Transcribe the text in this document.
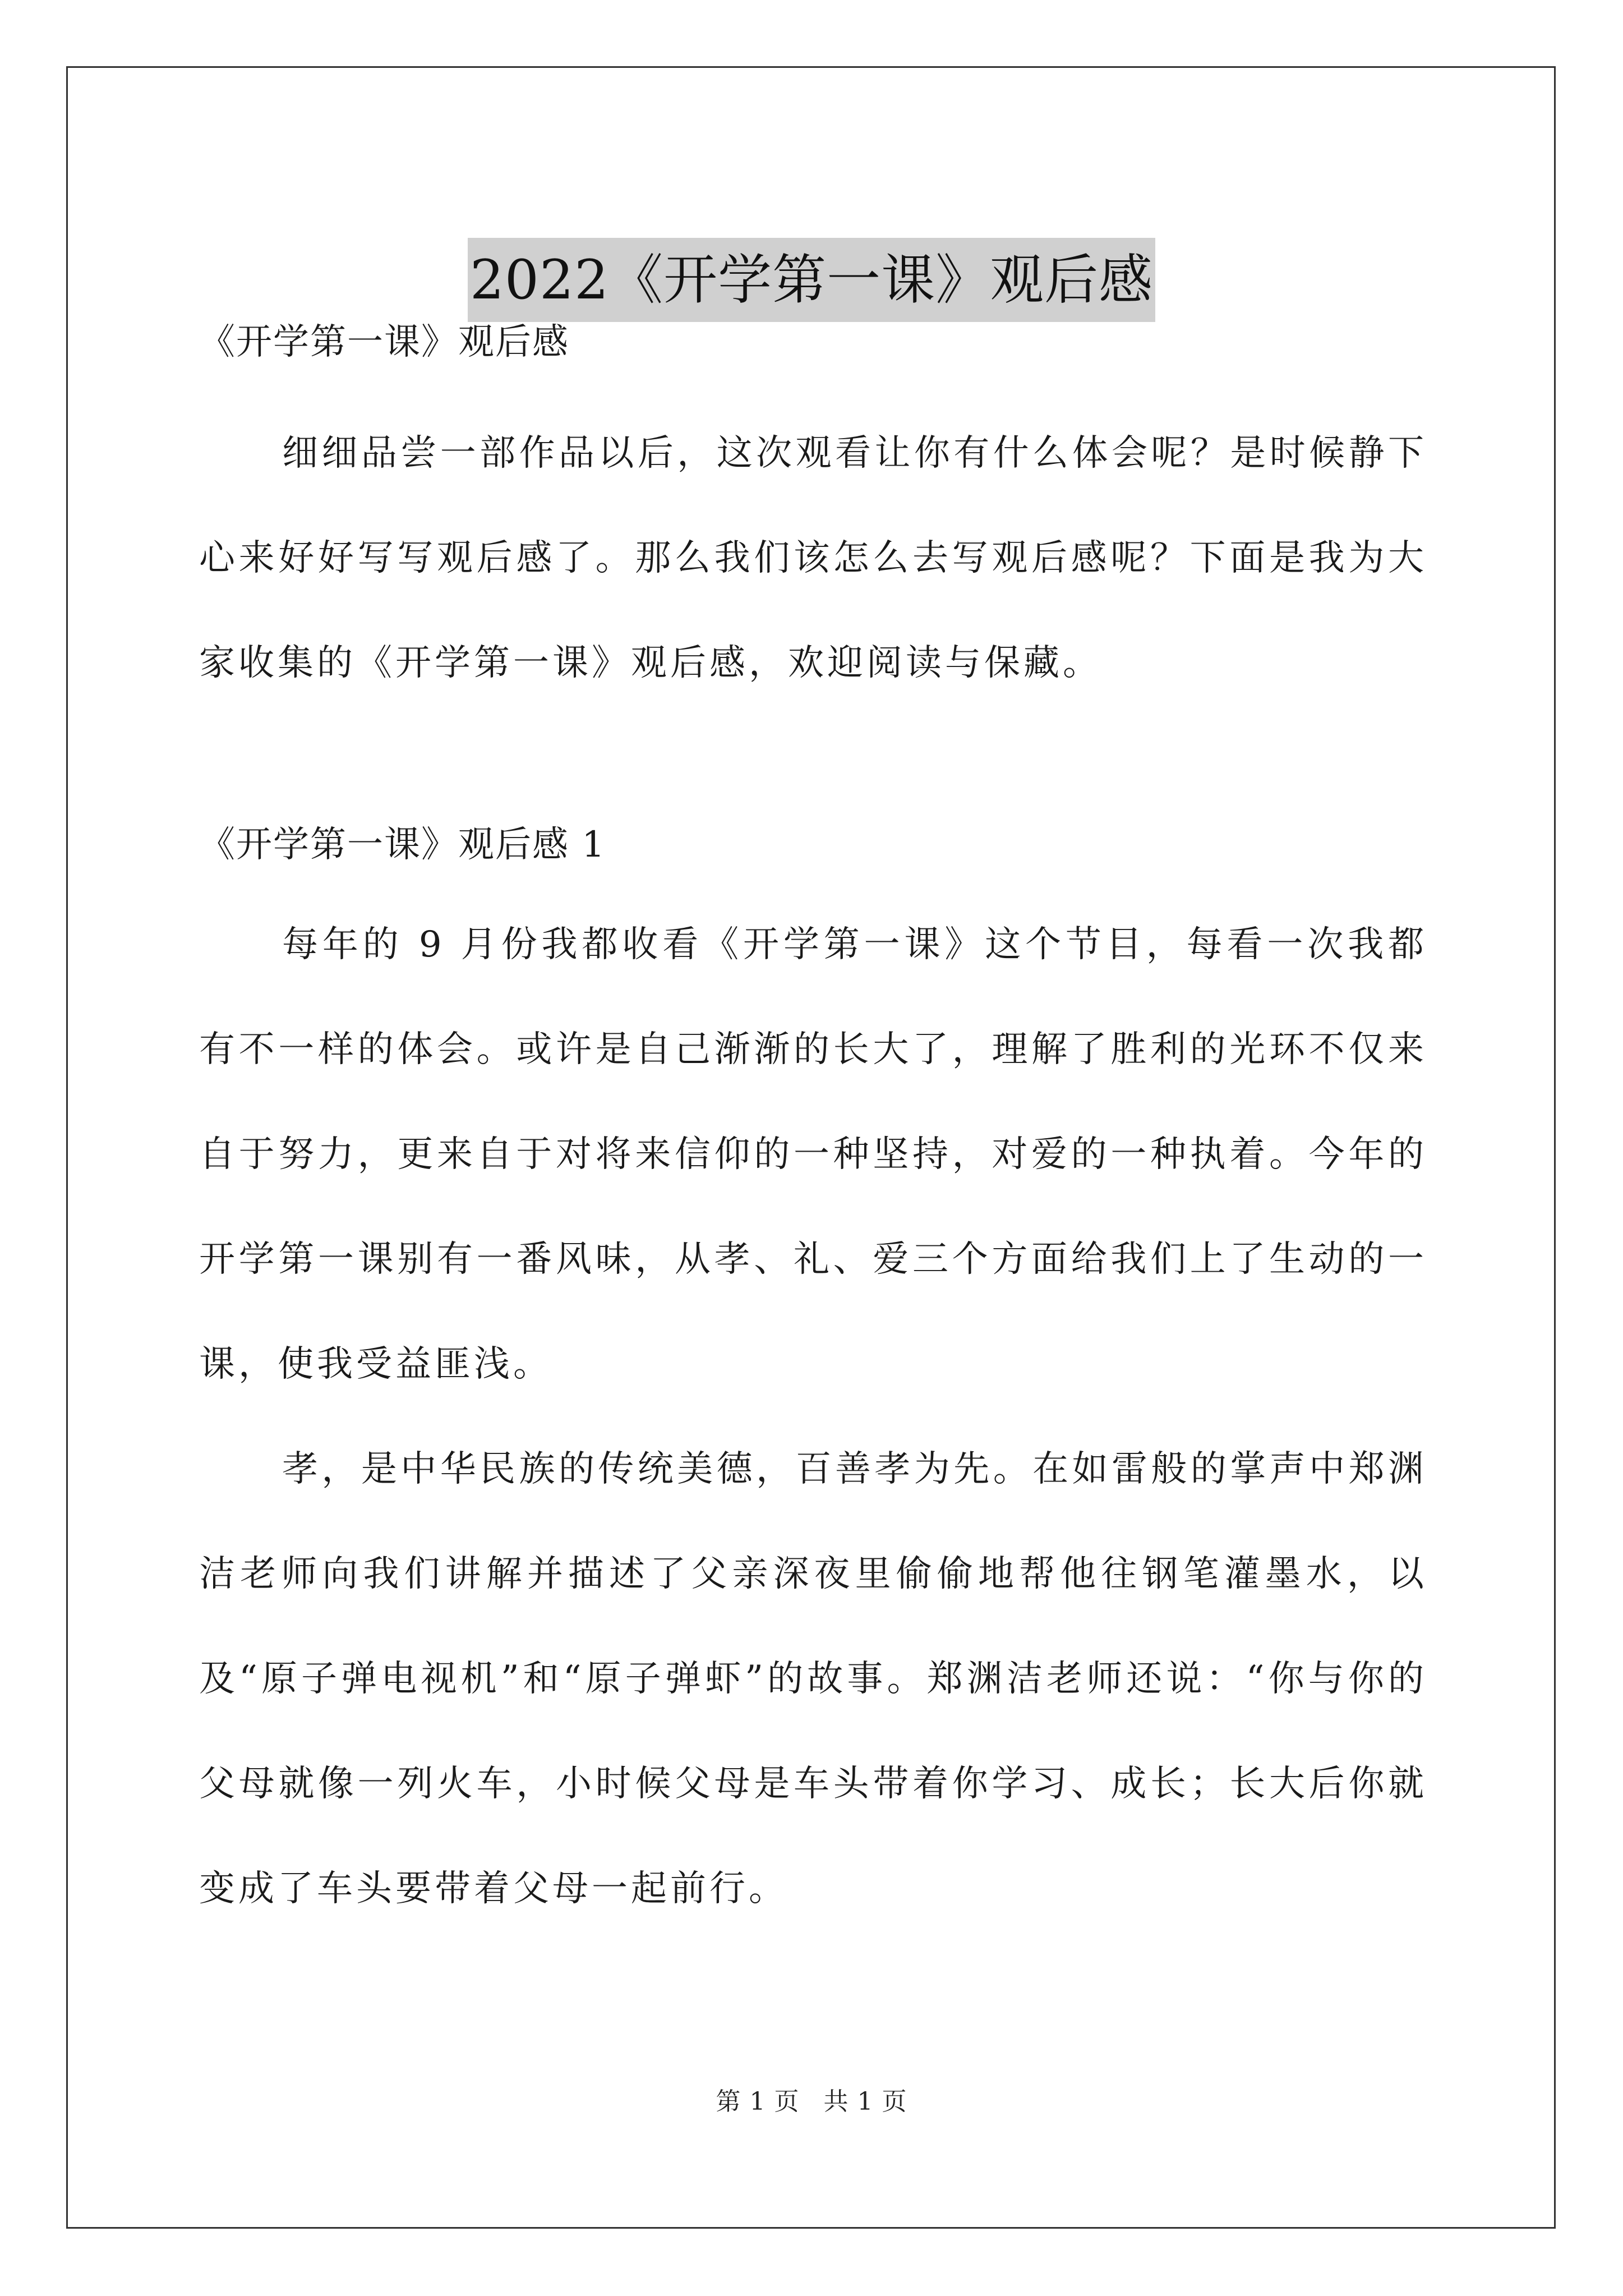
2022《开学第一课》观后感

《开学第一课》观后感

细细品尝一部作品以后，这次观看让你有什么体会呢？是时候静下心来好好写写观后感了。那么我们该怎么去写观后感呢？下面是我为大家收集的《开学第一课》观后感，欢迎阅读与保藏。

《开学第一课》观后感 1

每年的 9 月份我都收看《开学第一课》这个节目，每看一次我都有不一样的体会。或许是自己渐渐的长大了，理解了胜利的光环不仅来自于努力，更来自于对将来信仰的一种坚持，对爱的一种执着。今年的开学第一课别有一番风味，从孝、礼、爱三个方面给我们上了生动的一课，使我受益匪浅。

孝，是中华民族的传统美德，百善孝为先。在如雷般的掌声中郑渊洁老师向我们讲解并描述了父亲深夜里偷偷地帮他往钢笔灌墨水，以及“原子弹电视机”和“原子弹虾”的故事。郑渊洁老师还说：“你与你的父母就像一列火车，小时候父母是车头带着你学习、成长；长大后你就变成了车头要带着父母一起前行。

第 1 页 共 1 页
